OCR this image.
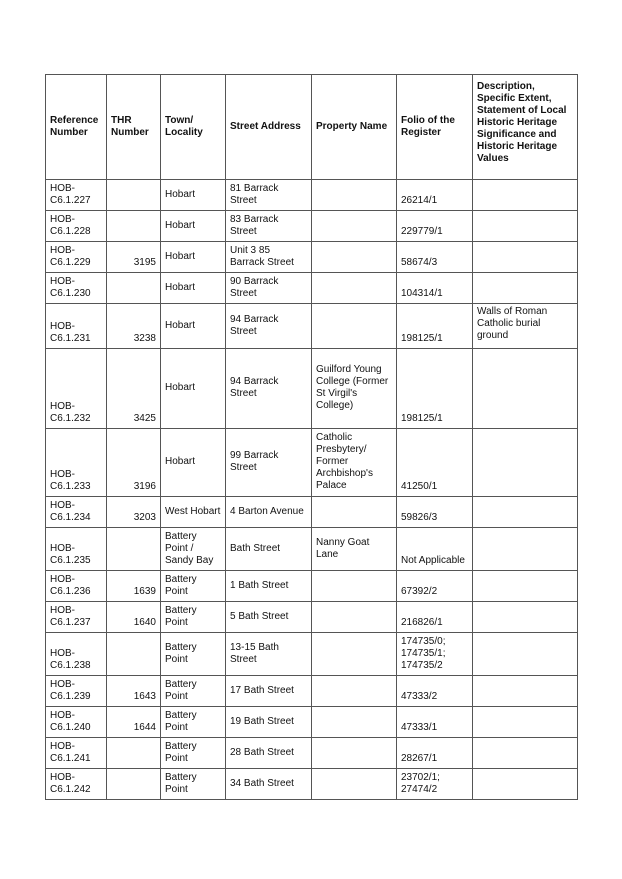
Reference Number	THR Number	Town/ Locality	Street Address	Property Name	Folio of the Register	Description, Specific Extent, Statement of Local Historic Heritage Significance and Historic Heritage Values
HOB-C6.1.227		Hobart	81 Barrack Street		26214/1	
HOB-C6.1.228		Hobart	83 Barrack Street		229779/1	
HOB-C6.1.229	3195	Hobart	Unit 3 85 Barrack Street		58674/3	
HOB-C6.1.230		Hobart	90 Barrack Street		104314/1	
HOB-C6.1.231	3238	Hobart	94 Barrack Street		198125/1	Walls of Roman Catholic burial ground
HOB-C6.1.232	3425	Hobart	94 Barrack Street	Guilford Young College (Former St Virgil's College)	198125/1	
HOB-C6.1.233	3196	Hobart	99 Barrack Street	Catholic Presbytery/ Former Archbishop's Palace	41250/1	
HOB-C6.1.234	3203	West Hobart	4 Barton Avenue		59826/3	
HOB-C6.1.235		Battery Point / Sandy Bay	Bath Street	Nanny Goat Lane	Not Applicable	
HOB-C6.1.236	1639	Battery Point	1 Bath Street		67392/2	
HOB-C6.1.237	1640	Battery Point	5 Bath Street		216826/1	
HOB-C6.1.238		Battery Point	13-15 Bath Street		174735/0; 174735/1; 174735/2	
HOB-C6.1.239	1643	Battery Point	17 Bath Street		47333/2	
HOB-C6.1.240	1644	Battery Point	19 Bath Street		47333/1	
HOB-C6.1.241		Battery Point	28 Bath Street		28267/1	
HOB-C6.1.242		Battery Point	34 Bath Street		23702/1; 27474/2	
